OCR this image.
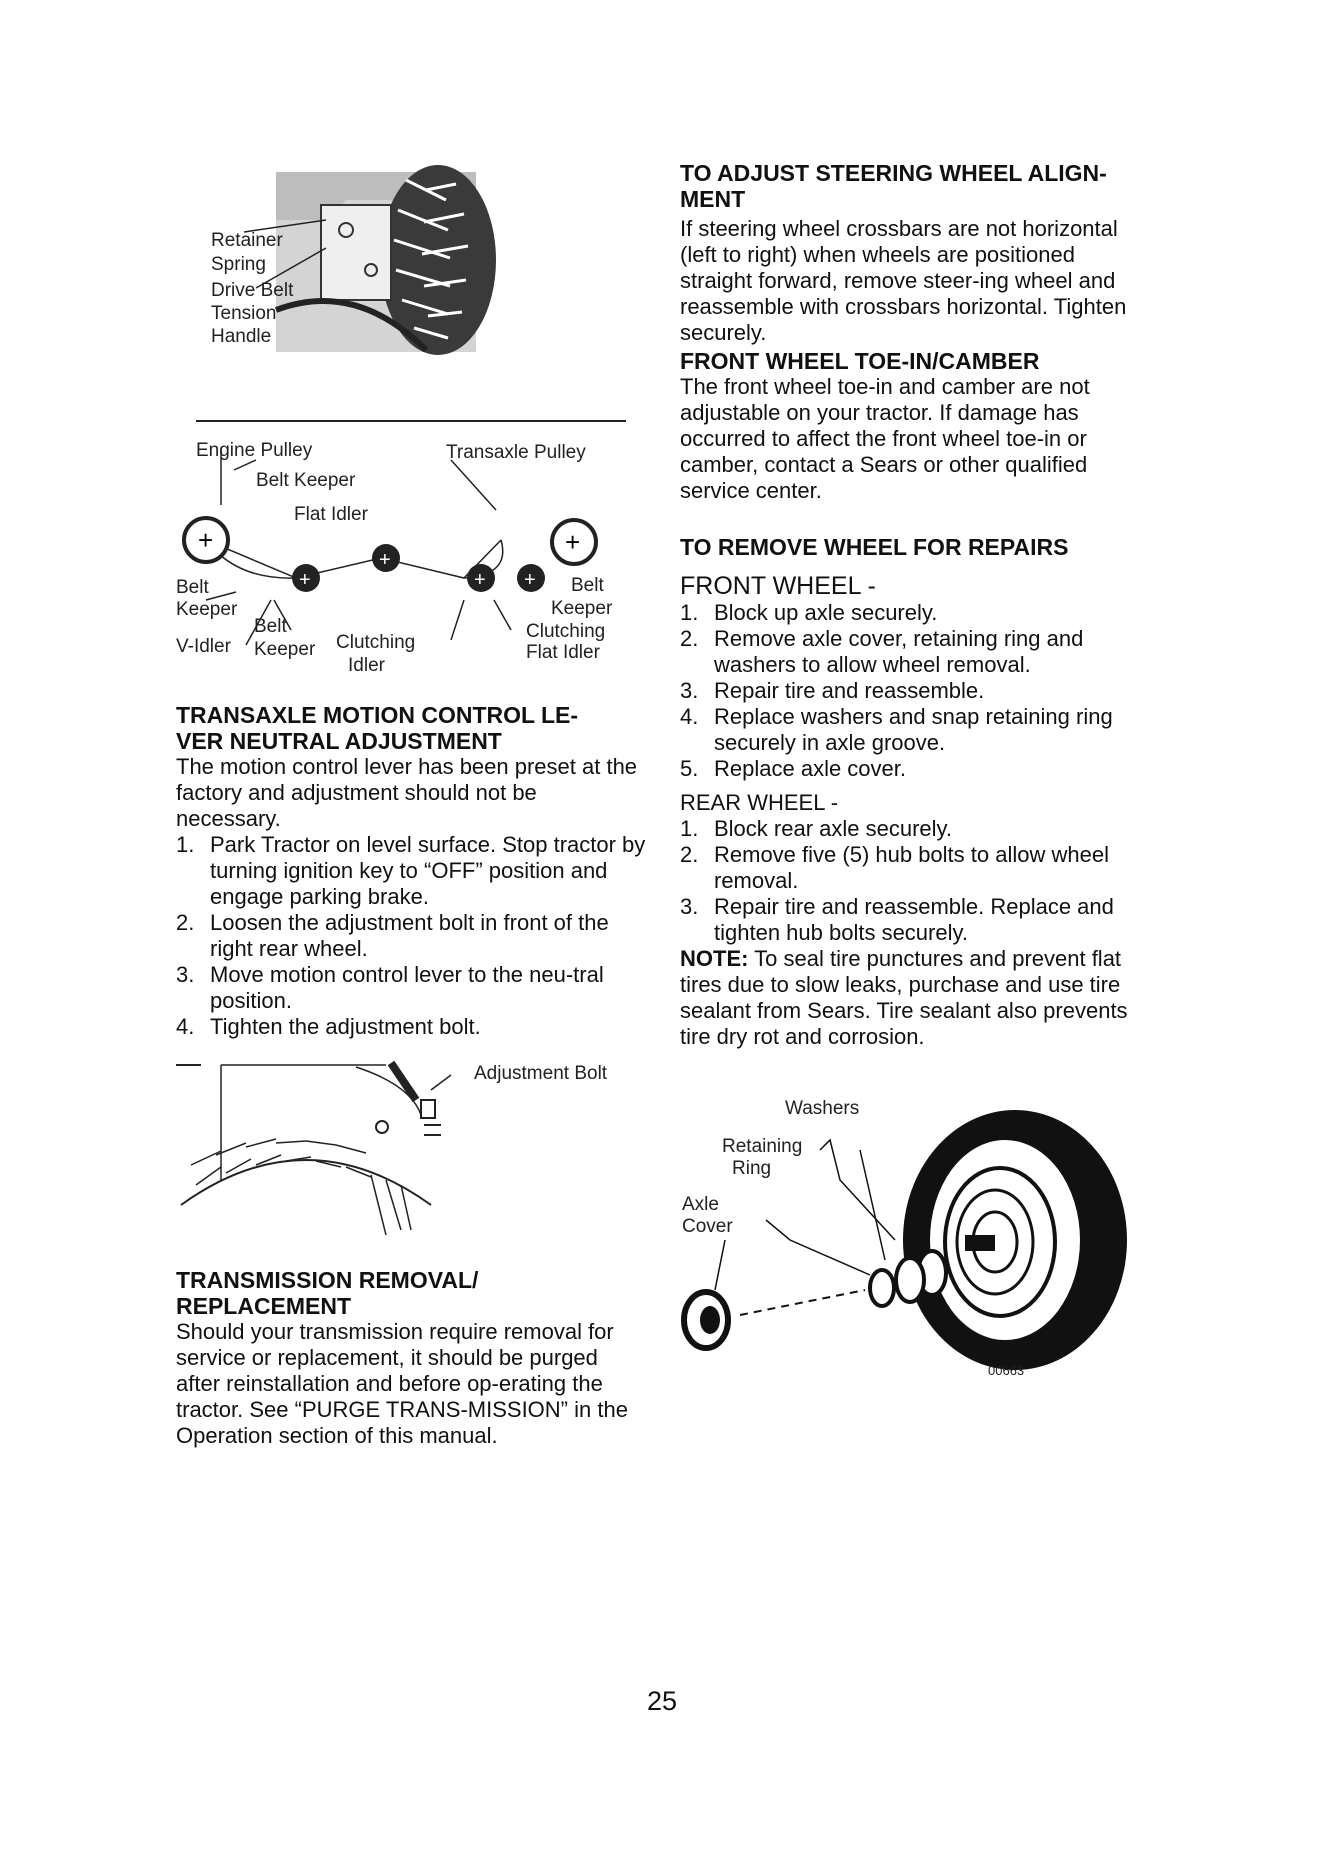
Retainer
Spring
Drive Belt
Tension
Handle
+	+
+
+
+ +
Engine Pulley	Transaxle Pulley
Belt Keeper
Flat Idler
Belt
Keeper
V-Idler
Belt
Keeper Clutching
Idler
Belt
Keeper
Clutching
Flat Idler

TRANSAXLE MOTION CONTROL LE-

VER NEUTRAL ADJUSTMENT

The motion control lever has been preset at the factory and adjustment should not be necessary.

1. Park Tractor on level surface. Stop tractor by turning ignition key to “OFF” position and engage parking brake.
2. Loosen the adjustment bolt in front of the right rear wheel.
3. Move motion control lever to the neu-tral position.
4. Tighten the adjustment bolt.
Adjustment Bolt

TRANSMISSION REMOVAL/

REPLACEMENT

Should your transmission require removal for service or replacement, it should be purged after reinstallation and before op-erating the tractor. See “PURGE TRANS-MISSION” in the Operation section of this manual.

TO ADJUST STEERING WHEEL ALIGN-

MENT

If steering wheel crossbars are not horizontal (left to right) when wheels are positioned straight forward, remove steer-ing wheel and reassemble with crossbars horizontal. Tighten securely.

FRONT WHEEL TOE-IN/CAMBER

The front wheel toe-in and camber are not adjustable on your tractor. If damage has occurred to affect the front wheel toe-in or camber, contact a Sears or other qualified service center.

TO REMOVE WHEEL FOR REPAIRS

FRONT WHEEL -

1. Block up axle securely.
2. Remove axle cover, retaining ring and washers to allow wheel removal.
3. Repair tire and reassemble.
4. Replace washers and snap retaining ring securely in axle groove.
5. Replace axle cover.

REAR WHEEL -

1. Block rear axle securely.
2. Remove five (5) hub bolts to allow wheel removal.
3. Repair tire and reassemble. Replace and tighten hub bolts securely.

NOTE: To seal tire punctures and prevent flat tires due to slow leaks, purchase and use tire sealant from Sears. Tire sealant also prevents tire dry rot and corrosion.

Washers
Retaining
Ring
Axle
Cover
00663
25
